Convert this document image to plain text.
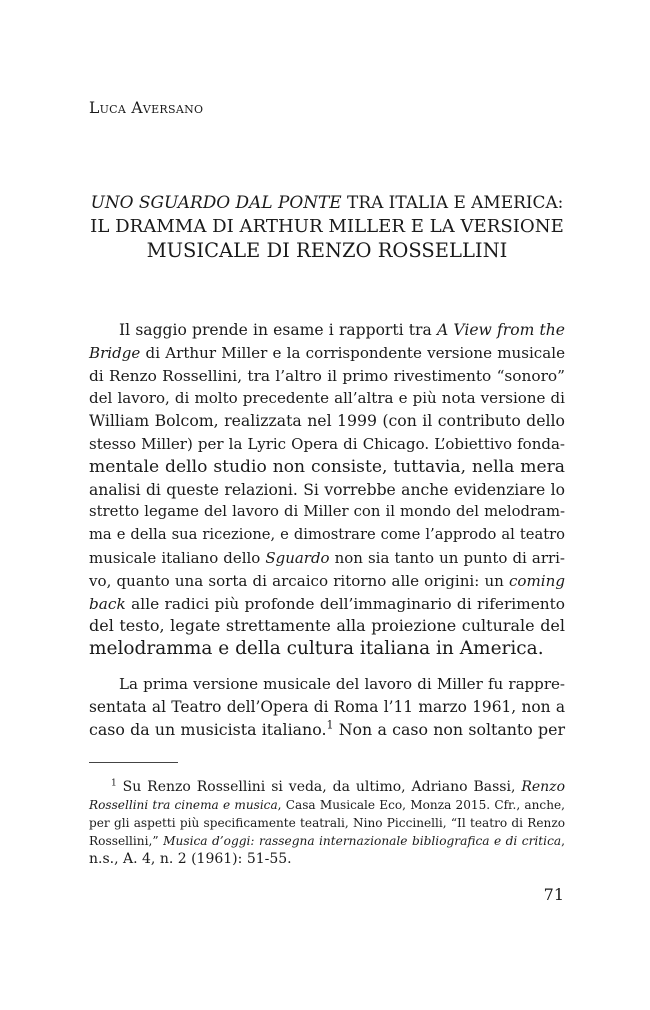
Luca Aversano
UNO SGUARDO DAL PONTE TRA ITALIA E AMERICA:
IL DRAMMA DI ARTHUR MILLER E LA VERSIONE
MUSICALE DI RENZO ROSSELLINI

Il saggio prende in esame i rapporti tra A View from the
Bridge di Arthur Miller e la corrispondente versione musicale
di Renzo Rossellini, tra l’altro il primo rivestimento “sonoro”
del lavoro, di molto precedente all’altra e più nota versione di
William Bolcom, realizzata nel 1999 (con il contributo dello
stesso Miller) per la Lyric Opera di Chicago. L’obiettivo fonda-
mentale dello studio non consiste, tuttavia, nella mera
analisi di queste relazioni. Si vorrebbe anche evidenziare lo
stretto legame del lavoro di Miller con il mondo del melodram-
ma e della sua ricezione, e dimostrare come l’approdo al teatro
musicale italiano dello Sguardo non sia tanto un punto di arri-
vo, quanto una sorta di arcaico ritorno alle origini: un coming
back alle radici più profonde dell’immaginario di riferimento
del testo, legate strettamente alla proiezione culturale del
melodramma e della cultura italiana in America.

La prima versione musicale del lavoro di Miller fu rappre-
sentata al Teatro dell’Opera di Roma l’11 marzo 1961, non a
caso da un musicista italiano.$^1$ Non a caso non soltanto per

$^1$ Su Renzo Rossellini si veda, da ultimo, Adriano Bassi, Renzo
Rossellini tra cinema e musica, Casa Musicale Eco, Monza 2015. Cfr., anche,
per gli aspetti più specificamente teatrali, Nino Piccinelli, “Il teatro di Renzo
Rossellini,” Musica d’oggi: rassegna internazionale bibliografica e di critica,
n.s., A. 4, n. 2 (1961): 51-55.
71
